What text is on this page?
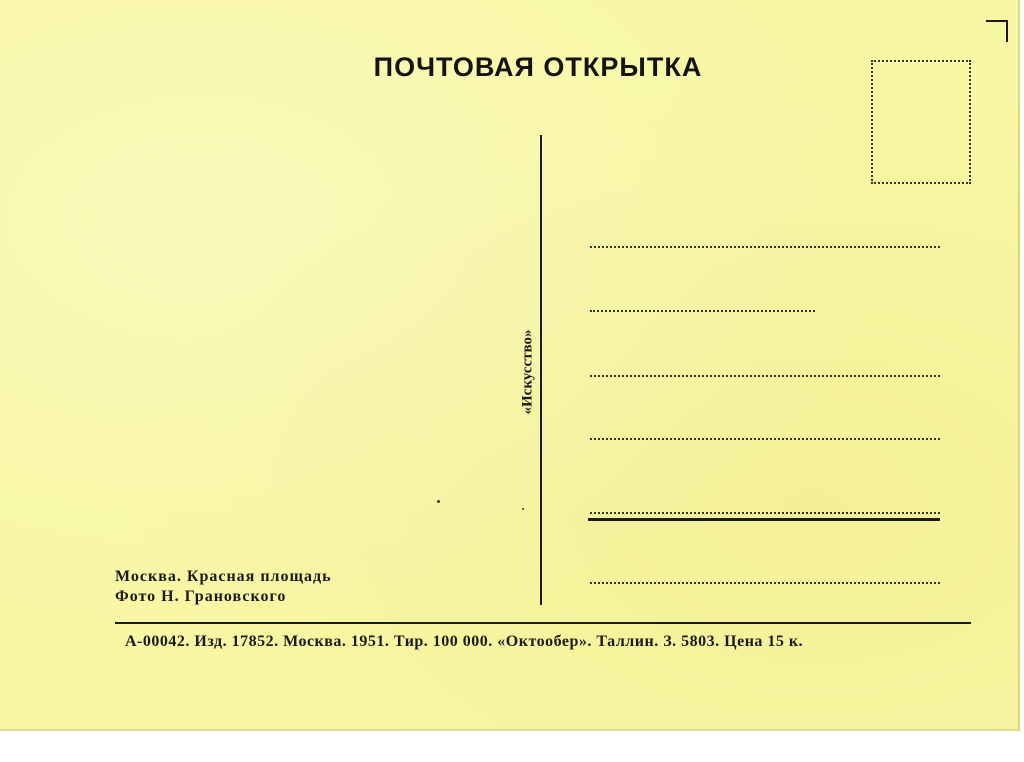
ПОЧТОВАЯ ОТКРЫТКА
«Искусство»
Москва. Красная площадь
Фото Н. Грановского
А-00042. Изд. 17852. Москва. 1951. Тир. 100 000. «Октообер». Таллин. З. 5803. Цена 15 к.
